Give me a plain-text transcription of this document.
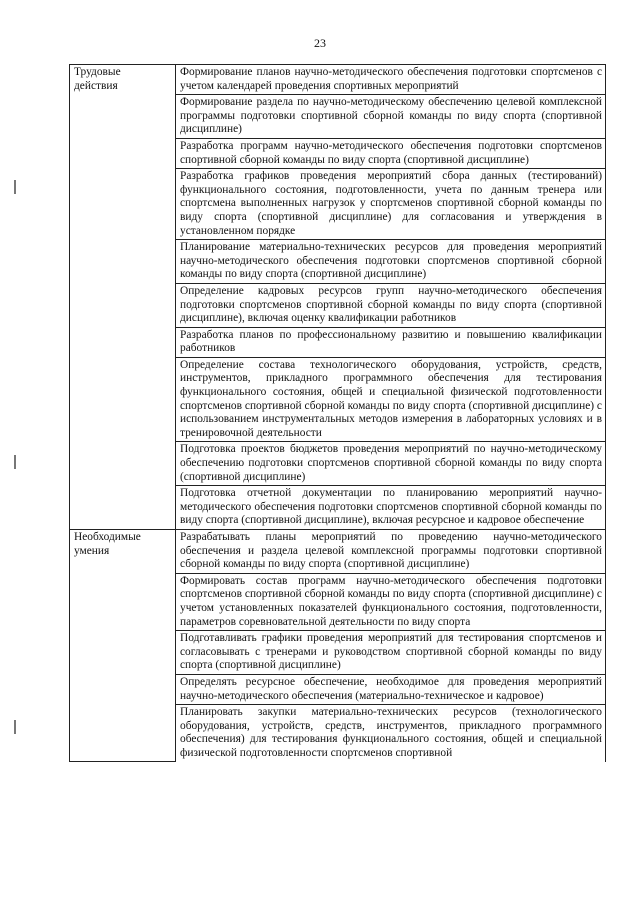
23
Трудовые
действия	Формирование планов научно-методического обеспечения подготовки спортсменов с учетом календарей проведения спортивных мероприятий
	Формирование раздела по научно-методическому обеспечению целевой комплексной программы подготовки спортивной сборной команды по виду спорта (спортивной дисциплине)
	Разработка программ научно-методического обеспечения подготовки спортсменов спортивной сборной команды по виду спорта (спортивной дисциплине)
	Разработка графиков проведения мероприятий сбора данных (тестирований) функционального состояния, подготовленности, учета по данным тренера или спортсмена выполненных нагрузок у спортсменов спортивной сборной команды по виду спорта (спортивной дисциплине) для согласования и утверждения в установленном порядке
	Планирование материально-технических ресурсов для проведения мероприятий научно-методического обеспечения подготовки спортсменов спортивной сборной команды по виду спорта (спортивной дисциплине)
	Определение кадровых ресурсов групп научно-методического обеспечения подготовки спортсменов спортивной сборной команды по виду спорта (спортивной дисциплине), включая оценку квалификации работников
	Разработка планов по профессиональному развитию и повышению квалификации работников
	Определение состава технологического оборудования, устройств, средств, инструментов, прикладного программного обеспечения для тестирования функционального состояния, общей и специальной физической подготовленности спортсменов спортивной сборной команды по виду спорта (спортивной дисциплине) с использованием инструментальных методов измерения в лабораторных условиях и в тренировочной деятельности
	Подготовка проектов бюджетов проведения мероприятий по научно-методическому обеспечению подготовки спортсменов спортивной сборной команды по виду спорта (спортивной дисциплине)
	Подготовка отчетной документации по планированию мероприятий научно-методического обеспечения подготовки спортсменов спортивной сборной команды по виду спорта (спортивной дисциплине), включая ресурсное и кадровое обеспечение
Необходимые
умения	Разрабатывать планы мероприятий по проведению научно-методического обеспечения и раздела целевой комплексной программы подготовки спортивной сборной команды по виду спорта (спортивной дисциплине)
	Формировать состав программ научно-методического обеспечения подготовки спортсменов спортивной сборной команды по виду спорта (спортивной дисциплине) с учетом установленных показателей функционального состояния, подготовленности, параметров соревновательной деятельности по виду спорта
	Подготавливать графики проведения мероприятий для тестирования спортсменов и согласовывать с тренерами и руководством спортивной сборной команды по виду спорта (спортивной дисциплине)
	Определять ресурсное обеспечение, необходимое для проведения мероприятий научно-методического обеспечения (материально-техническое и кадровое)
	Планировать закупки материально-технических ресурсов (технологического оборудования, устройств, средств, инструментов, прикладного программного обеспечения) для тестирования функционального состояния, общей и специальной физической подготовленности спортсменов спортивной
